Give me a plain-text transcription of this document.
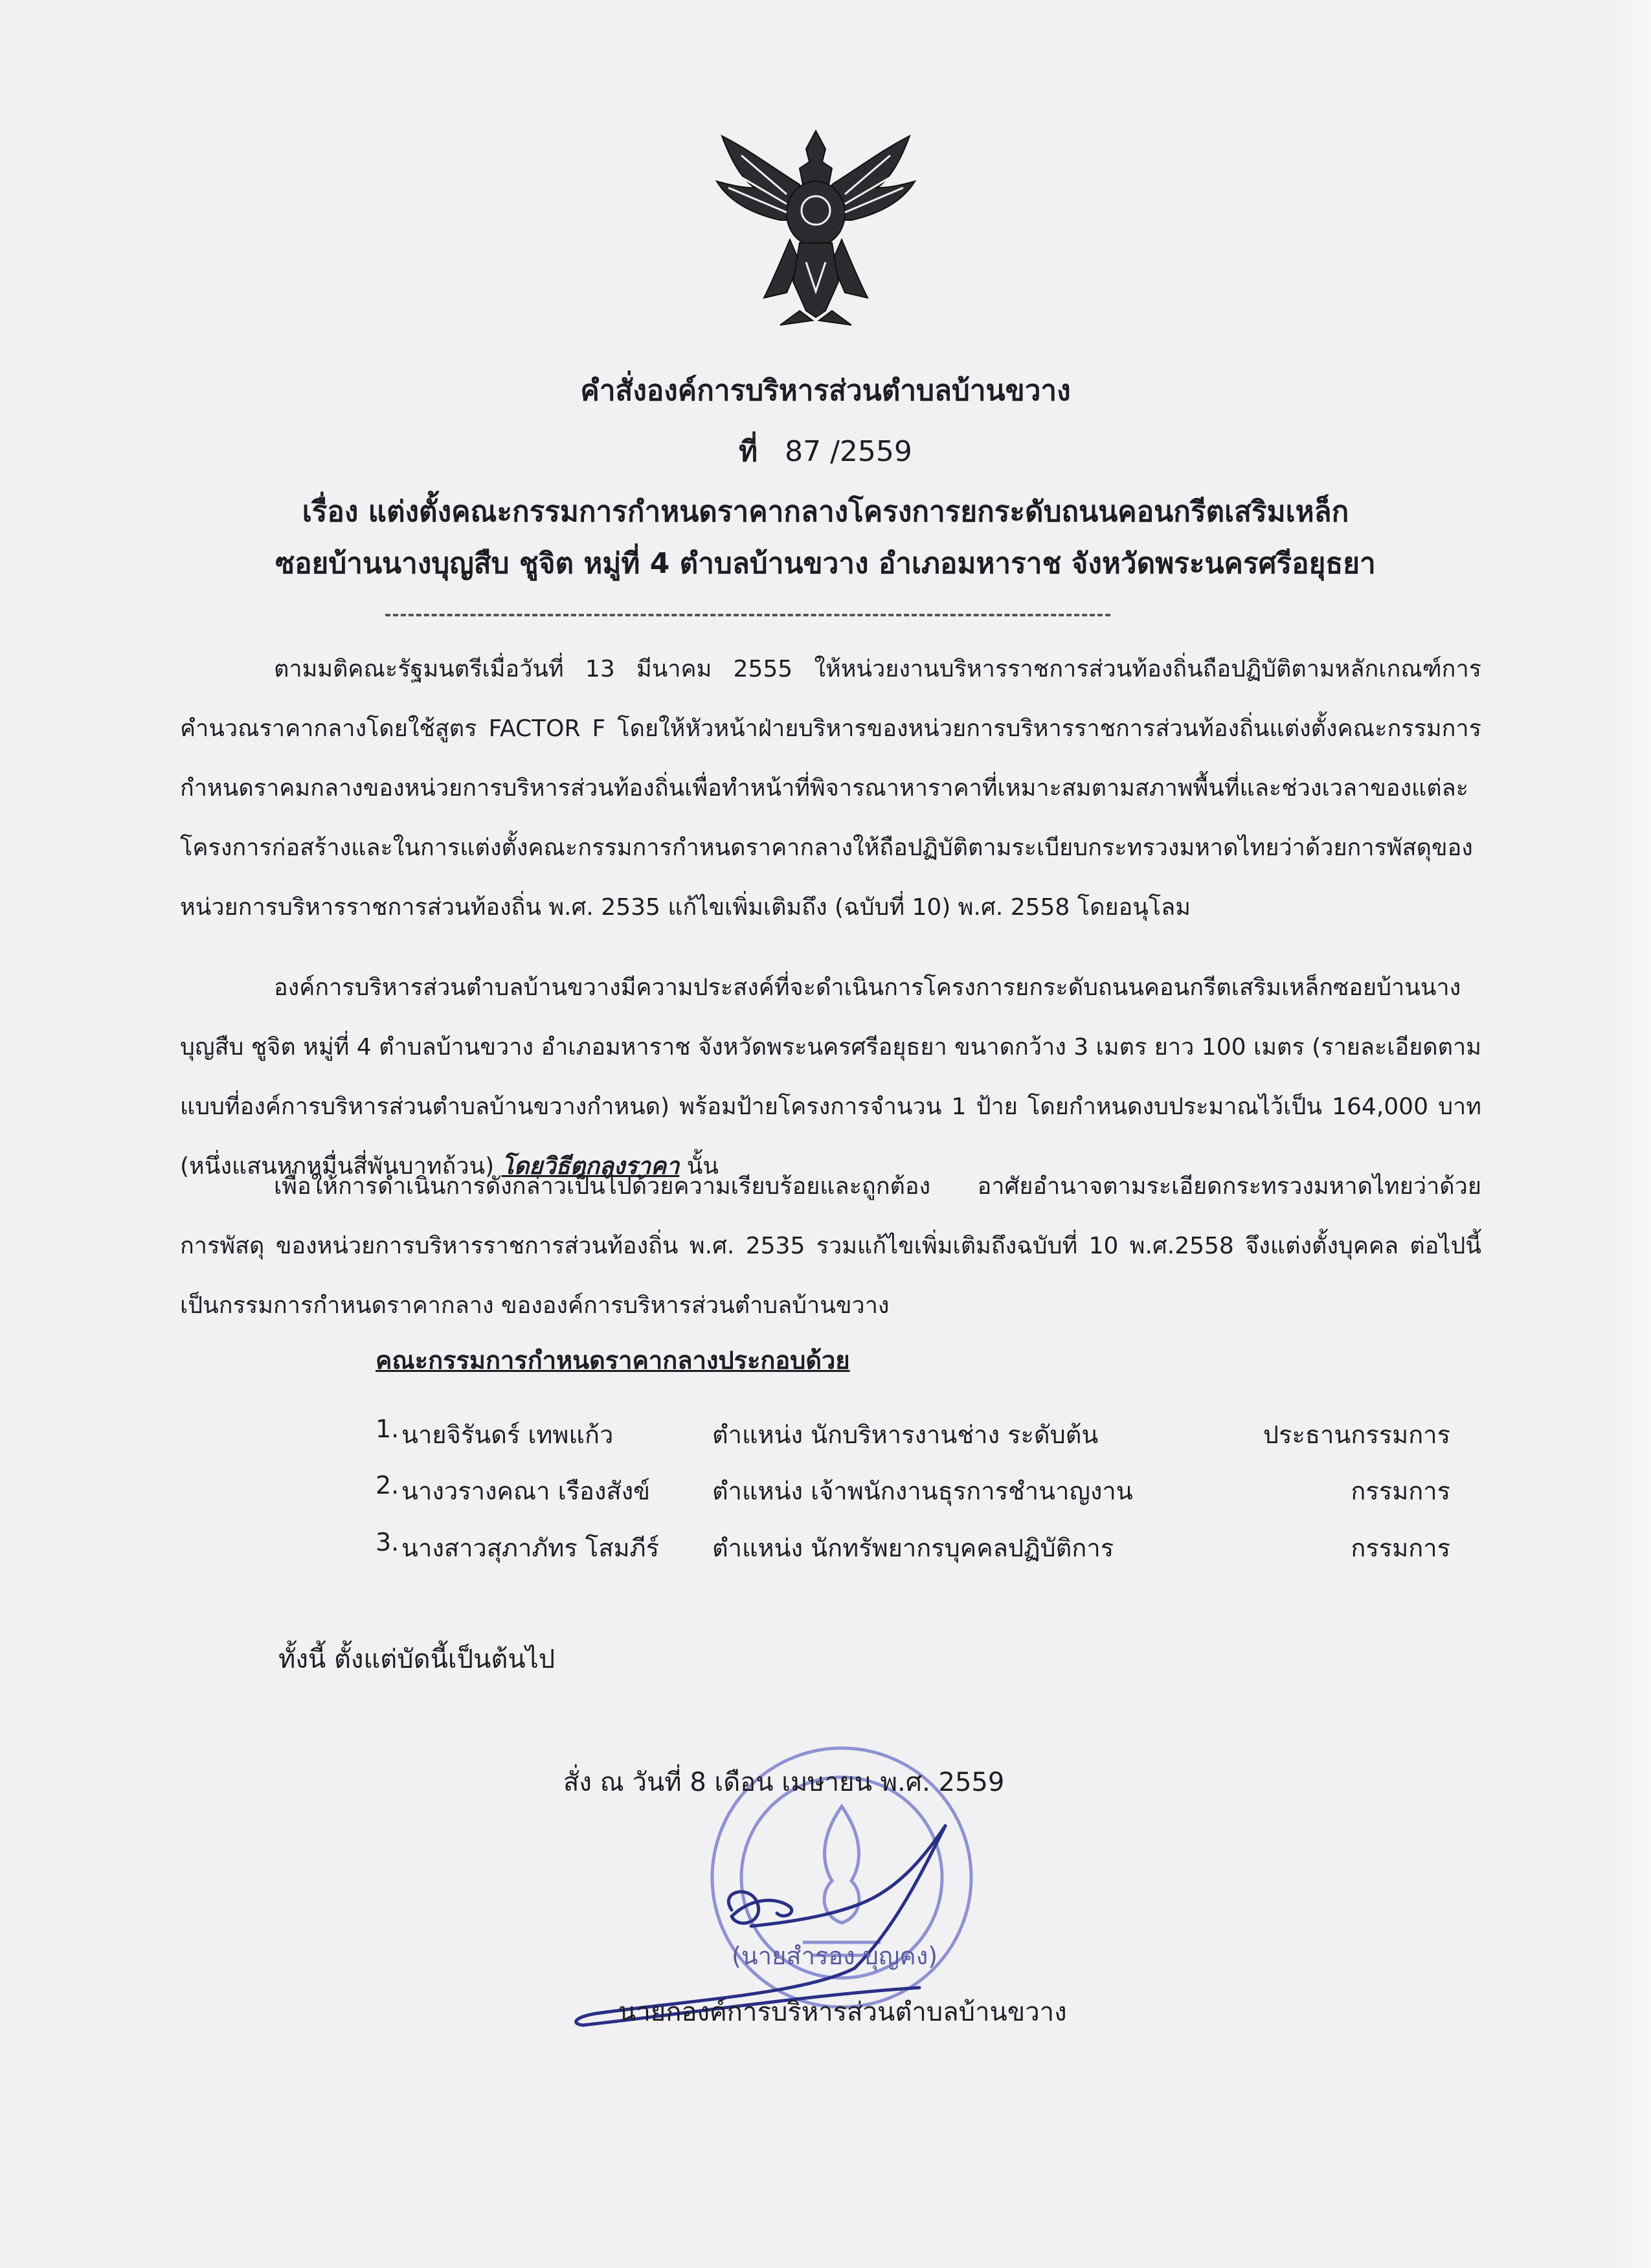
คำสั่งองค์การบริหารส่วนตำบลบ้านขวาง
ที่ 87 /2559
เรื่อง แต่งตั้งคณะกรรมการกำหนดราคากลางโครงการยกระดับถนนคอนกรีตเสริมเหล็ก
ซอยบ้านนางบุญสืบ ชูจิต หมู่ที่ 4 ตำบลบ้านขวาง อำเภอมหาราช จังหวัดพระนครศรีอยุธยา
ตามมติคณะรัฐมนตรีเมื่อวันที่ 13 มีนาคม 2555 ให้หน่วยงานบริหารราชการส่วนท้องถิ่นถือปฏิบัติตามหลักเกณฑ์การคำนวณราคากลางโดยใช้สูตร FACTOR F โดยให้หัวหน้าฝ่ายบริหารของหน่วยการบริหารราชการส่วนท้องถิ่นแต่งตั้งคณะกรรมการกำหนดราคมกลางของหน่วยการบริหารส่วนท้องถิ่นเพื่อทำหน้าที่พิจารณาหาราคาที่เหมาะสมตามสภาพพื้นที่และช่วงเวลาของแต่ละโครงการก่อสร้างและในการแต่งตั้งคณะกรรมการกำหนดราคากลางให้ถือปฏิบัติตามระเบียบกระทรวงมหาดไทยว่าด้วยการพัสดุของหน่วยการบริหารราชการส่วนท้องถิ่น พ.ศ. 2535 แก้ไขเพิ่มเติมถึง (ฉบับที่ 10) พ.ศ. 2558 โดยอนุโลม
องค์การบริหารส่วนตำบลบ้านขวางมีความประสงค์ที่จะดำเนินการโครงการยกระดับถนนคอนกรีตเสริมเหล็กซอยบ้านนางบุญสืบ ชูจิต หมู่ที่ 4 ตำบลบ้านขวาง อำเภอมหาราช จังหวัดพระนครศรีอยุธยา ขนาดกว้าง 3 เมตร ยาว 100 เมตร (รายละเอียดตามแบบที่องค์การบริหารส่วนตำบลบ้านขวางกำหนด) พร้อมป้ายโครงการจำนวน 1 ป้าย โดยกำหนดงบประมาณไว้เป็น 164,000 บาท (หนึ่งแสนหกหมื่นสี่พันบาทถ้วน) โดยวิธีตกลงราคา นั้น
เพื่อให้การดำเนินการดังกล่าวเป็นไปด้วยความเรียบร้อยและถูกต้อง อาศัยอำนาจตามระเอียดกระทรวงมหาดไทยว่าด้วยการพัสดุ ของหน่วยการบริหารราชการส่วนท้องถิ่น พ.ศ. 2535 รวมแก้ไขเพิ่มเติมถึงฉบับที่ 10 พ.ศ.2558 จึงแต่งตั้งบุคคล ต่อไปนี้เป็นกรรมการกำหนดราคากลาง ขององค์การบริหารส่วนตำบลบ้านขวาง
คณะกรรมการกำหนดราคากลางประกอบด้วย
1. นายจิรันดร์ เทพแก้ว	ตำแหน่ง นักบริหารงานช่าง ระดับต้น	ประธานกรรมการ
2. นางวรางคณา เรืองสังข์	ตำแหน่ง เจ้าพนักงานธุรการชำนาญงาน	กรรมการ
3. นางสาวสุภาภัทร โสมภีร์ ตำแหน่ง นักทรัพยากรบุคคลปฏิบัติการ	กรรมการ
ทั้งนี้ ตั้งแต่บัดนี้เป็นต้นไป
สั่ง ณ วันที่ 8 เดือน เมษายน พ.ศ. 2559
(นายสำรอง บุญคง)
นายกองค์การบริหารส่วนตำบลบ้านขวาง
